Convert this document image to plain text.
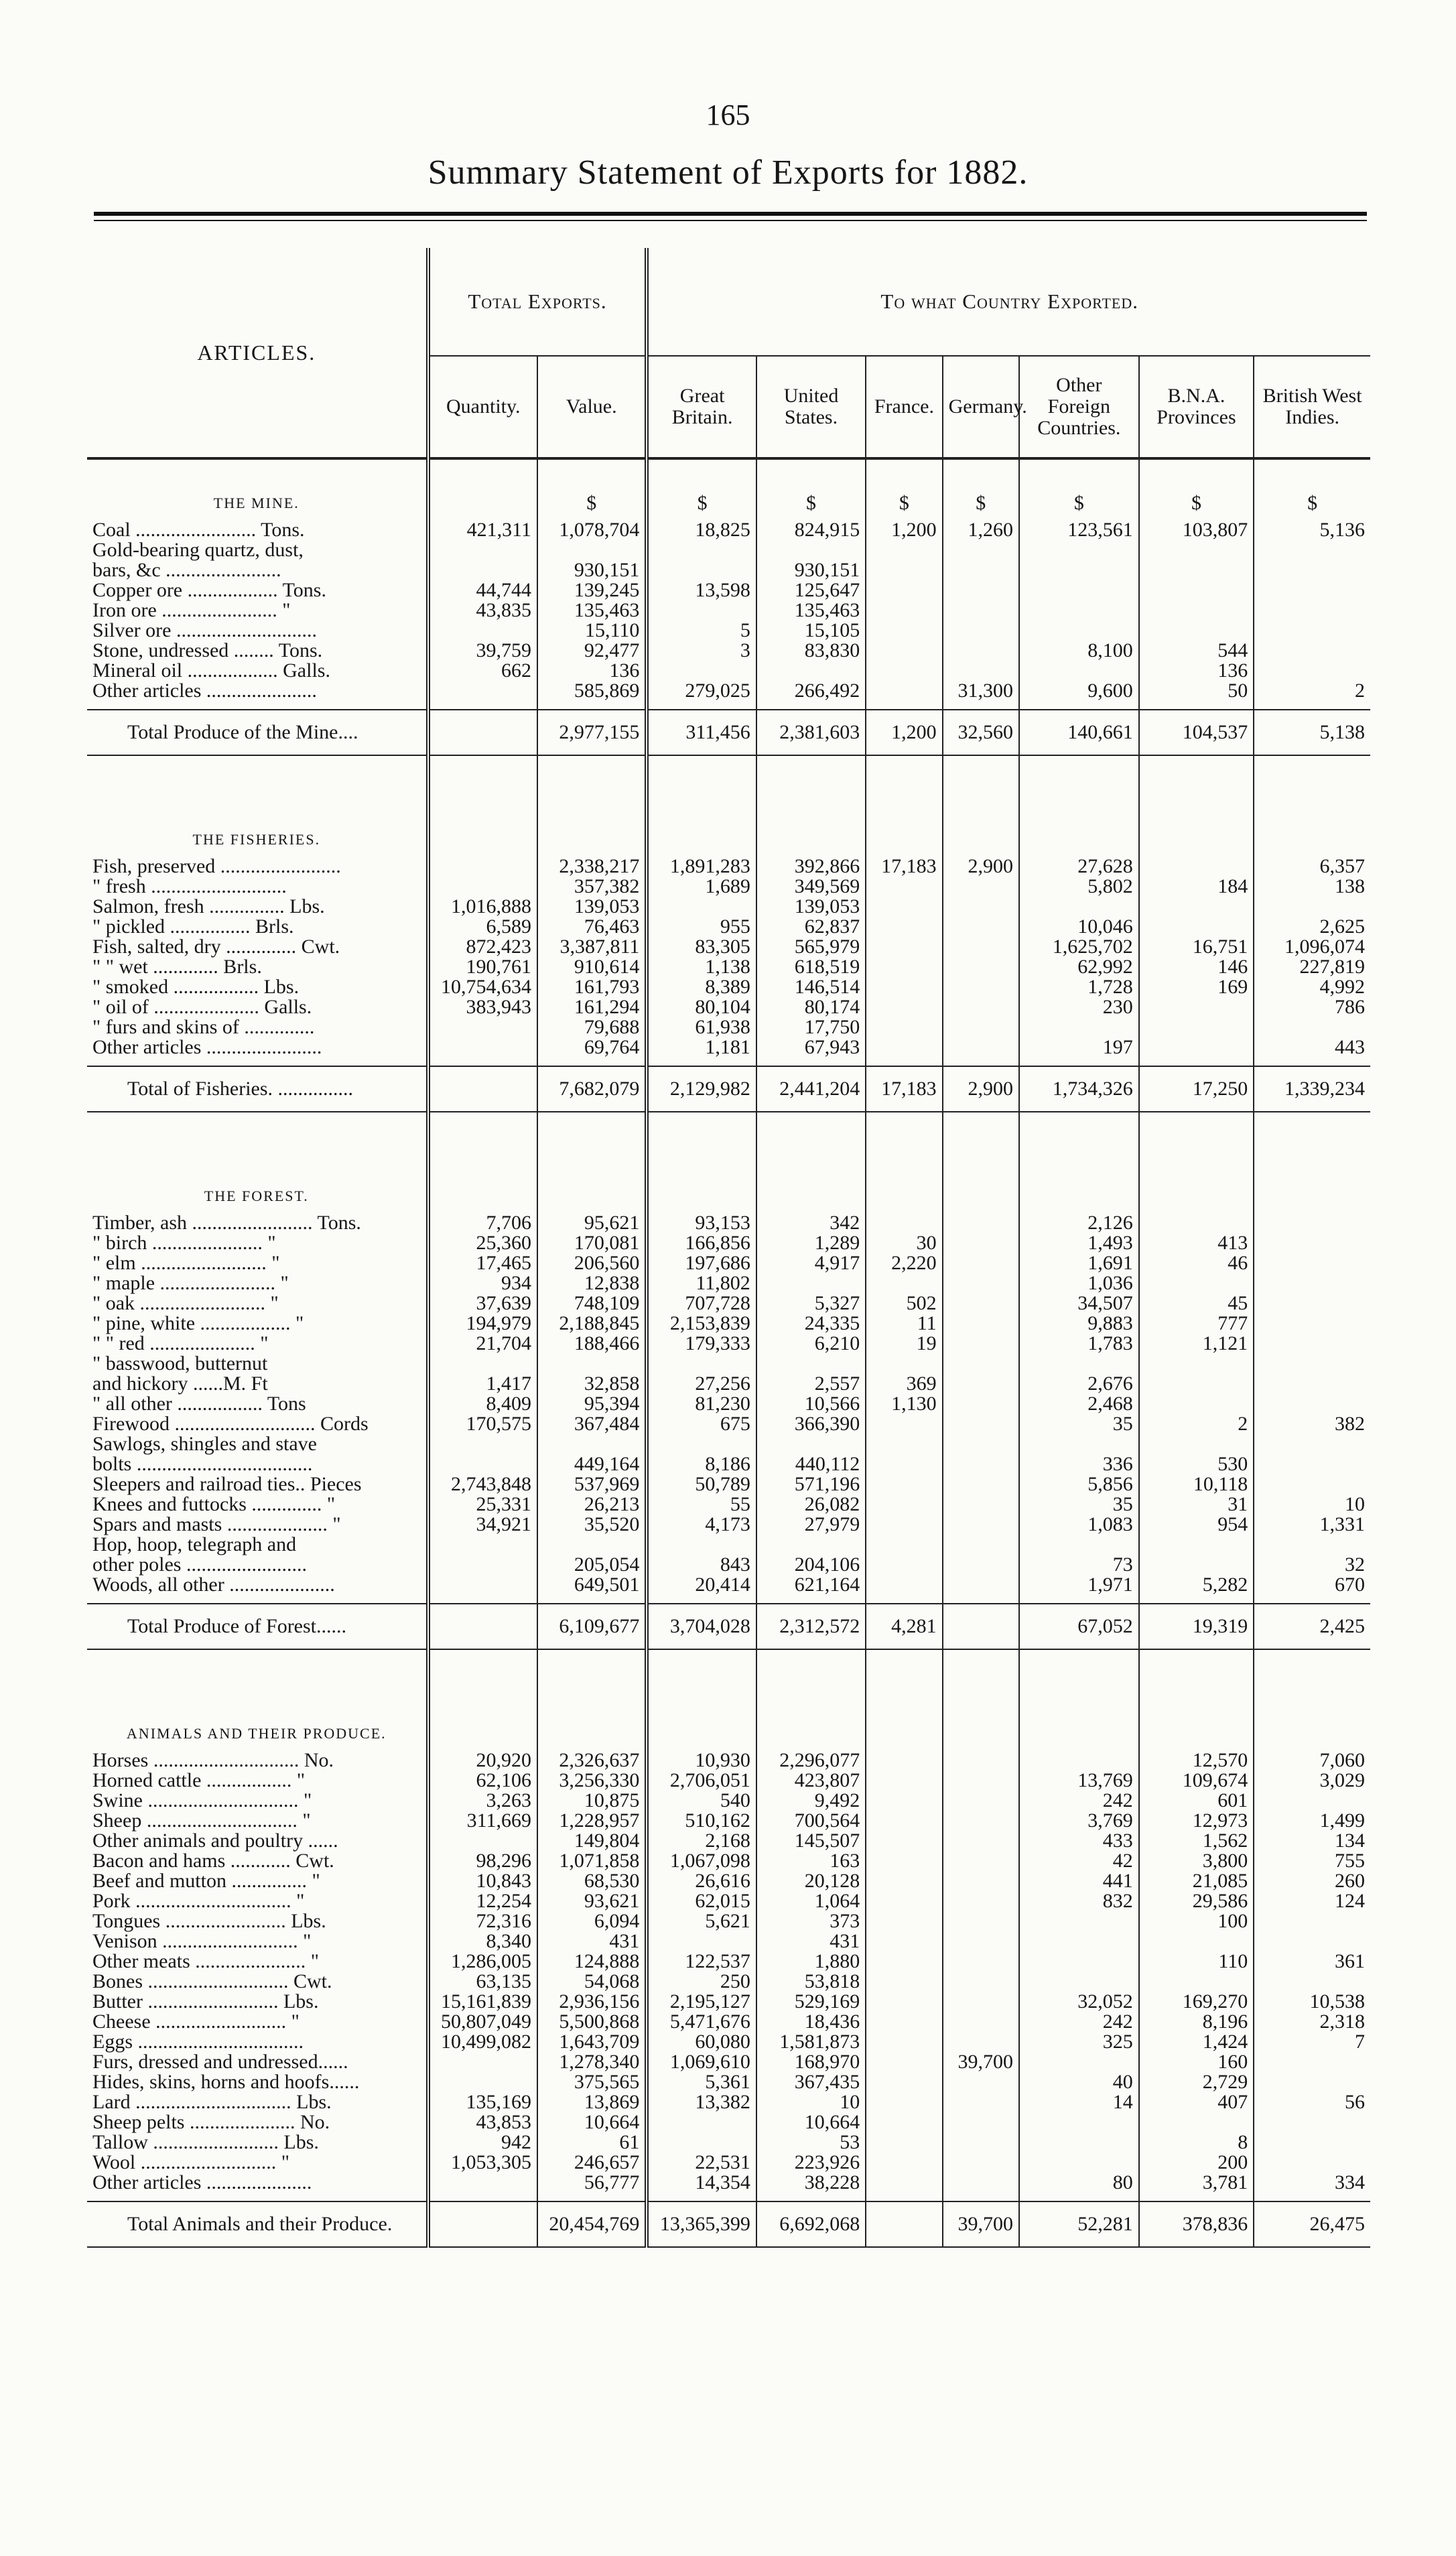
165
Summary Statement of Exports for 1882.
ARTICLES.	Total Exports.		To what Country Exported.						
	Quantity.	Value.	Great Britain.	United States.	France.	Germany.	Other Foreign Countries.	B.N.A. Provinces	British West Indies.
THE MINE.		$	$	$	$	$	$	$	$
Coal ........................ Tons.	421,311	1,078,704	18,825	824,915	1,200	1,260	123,561	103,807	5,136
Gold-bearing quartz, dust,									
bars, &c .......................		930,151		930,151					
Copper ore .................. Tons.	44,744	139,245	13,598	125,647					
Iron ore ....................... "	43,835	135,463		135,463					
Silver ore ............................		15,110	5	15,105					
Stone, undressed ........ Tons.	39,759	92,477	3	83,830			8,100	544	
Mineral oil .................. Galls.	662	136						136	
Other articles ......................		585,869	279,025	266,492		31,300	9,600	50	2

Total Produce of the Mine....		2,977,155	311,456	2,381,603	1,200	32,560	140,661	104,537	5,138

THE FISHERIES.									
Fish, preserved ........................		2,338,217	1,891,283	392,866	17,183	2,900	27,628		6,357
" fresh ...........................		357,382	1,689	349,569			5,802	184	138
Salmon, fresh ............... Lbs.	1,016,888	139,053		139,053					
" pickled ................ Brls.	6,589	76,463	955	62,837			10,046		2,625
Fish, salted, dry .............. Cwt.	872,423	3,387,811	83,305	565,979			1,625,702	16,751	1,096,074
" " wet ............. Brls.	190,761	910,614	1,138	618,519			62,992	146	227,819
" smoked ................. Lbs.	10,754,634	161,793	8,389	146,514			1,728	169	4,992
" oil of ..................... Galls.	383,943	161,294	80,104	80,174			230		786
" furs and skins of ..............		79,688	61,938	17,750					
Other articles .......................		69,764	1,181	67,943			197		443

Total of Fisheries. ...............		7,682,079	2,129,982	2,441,204	17,183	2,900	1,734,326	17,250	1,339,234

THE FOREST.									
Timber, ash ........................ Tons.	7,706	95,621	93,153	342			2,126		
" birch ...................... "	25,360	170,081	166,856	1,289	30		1,493	413	
" elm ......................... "	17,465	206,560	197,686	4,917	2,220		1,691	46	
" maple ....................... "	934	12,838	11,802				1,036		
" oak ......................... "	37,639	748,109	707,728	5,327	502		34,507	45	
" pine, white .................. "	194,979	2,188,845	2,153,839	24,335	11		9,883	777	
" " red ..................... "	21,704	188,466	179,333	6,210	19		1,783	1,121	
" basswood, butternut									
and hickory ......M. Ft	1,417	32,858	27,256	2,557	369		2,676		
" all other ................. Tons	8,409	95,394	81,230	10,566	1,130		2,468		
Firewood ............................ Cords	170,575	367,484	675	366,390			35	2	382
Sawlogs, shingles and stave									
bolts ...................................		449,164	8,186	440,112			336	530	
Sleepers and railroad ties.. Pieces	2,743,848	537,969	50,789	571,196			5,856	10,118	
Knees and futtocks .............. "	25,331	26,213	55	26,082			35	31	10
Spars and masts .................... "	34,921	35,520	4,173	27,979			1,083	954	1,331
Hop, hoop, telegraph and									
other poles ........................		205,054	843	204,106			73		32
Woods, all other .....................		649,501	20,414	621,164			1,971	5,282	670

Total Produce of Forest......		6,109,677	3,704,028	2,312,572	4,281		67,052	19,319	2,425

ANIMALS AND THEIR PRODUCE.									
Horses ............................. No.	20,920	2,326,637	10,930	2,296,077				12,570	7,060
Horned cattle ................. "	62,106	3,256,330	2,706,051	423,807			13,769	109,674	3,029
Swine .............................. "	3,263	10,875	540	9,492			242	601	
Sheep .............................. "	311,669	1,228,957	510,162	700,564			3,769	12,973	1,499
Other animals and poultry ......		149,804	2,168	145,507			433	1,562	134
Bacon and hams ............ Cwt.	98,296	1,071,858	1,067,098	163			42	3,800	755
Beef and mutton ............... "	10,843	68,530	26,616	20,128			441	21,085	260
Pork ............................... "	12,254	93,621	62,015	1,064			832	29,586	124
Tongues ........................ Lbs.	72,316	6,094	5,621	373				100	
Venison ........................... "	8,340	431		431					
Other meats ...................... "	1,286,005	124,888	122,537	1,880				110	361
Bones ............................ Cwt.	63,135	54,068	250	53,818					
Butter .......................... Lbs.	15,161,839	2,936,156	2,195,127	529,169			32,052	169,270	10,538
Cheese .......................... "	50,807,049	5,500,868	5,471,676	18,436			242	8,196	2,318
Eggs .................................	10,499,082	1,643,709	60,080	1,581,873			325	1,424	7
Furs, dressed and undressed......		1,278,340	1,069,610	168,970		39,700		160	
Hides, skins, horns and hoofs......		375,565	5,361	367,435			40	2,729	
Lard ............................... Lbs.	135,169	13,869	13,382	10			14	407	56
Sheep pelts ..................... No.	43,853	10,664		10,664					
Tallow ......................... Lbs.	942	61		53				8	
Wool ........................... "	1,053,305	246,657	22,531	223,926				200	
Other articles .....................		56,777	14,354	38,228			80	3,781	334

Total Animals and their Produce.		20,454,769	13,365,399	6,692,068		39,700	52,281	378,836	26,475
